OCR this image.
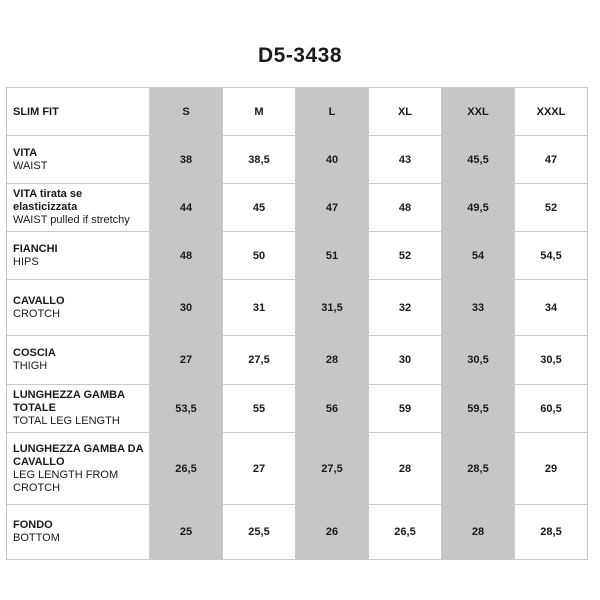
D5-3438
SLIM FIT	S	M	L	XL	XXL	XXXL

VITA
WAIST	38	38,5	40	43	45,5	47

VITA tirata se elasticizzata
WAIST pulled if stretchy	44	45	47	48	49,5	52

FIANCHI
HIPS	48	50	51	52	54	54,5

CAVALLO
CROTCH	30	31	31,5	32	33	34

COSCIA
THIGH	27	27,5	28	30	30,5	30,5

LUNGHEZZA GAMBA TOTALE
TOTAL LEG LENGTH	53,5	55	56	59	59,5	60,5

LUNGHEZZA GAMBA DA CAVALLO
LEG LENGTH FROM CROTCH	26,5	27	27,5	28	28,5	29

FONDO
BOTTOM	25	25,5	26	26,5	28	28,5
